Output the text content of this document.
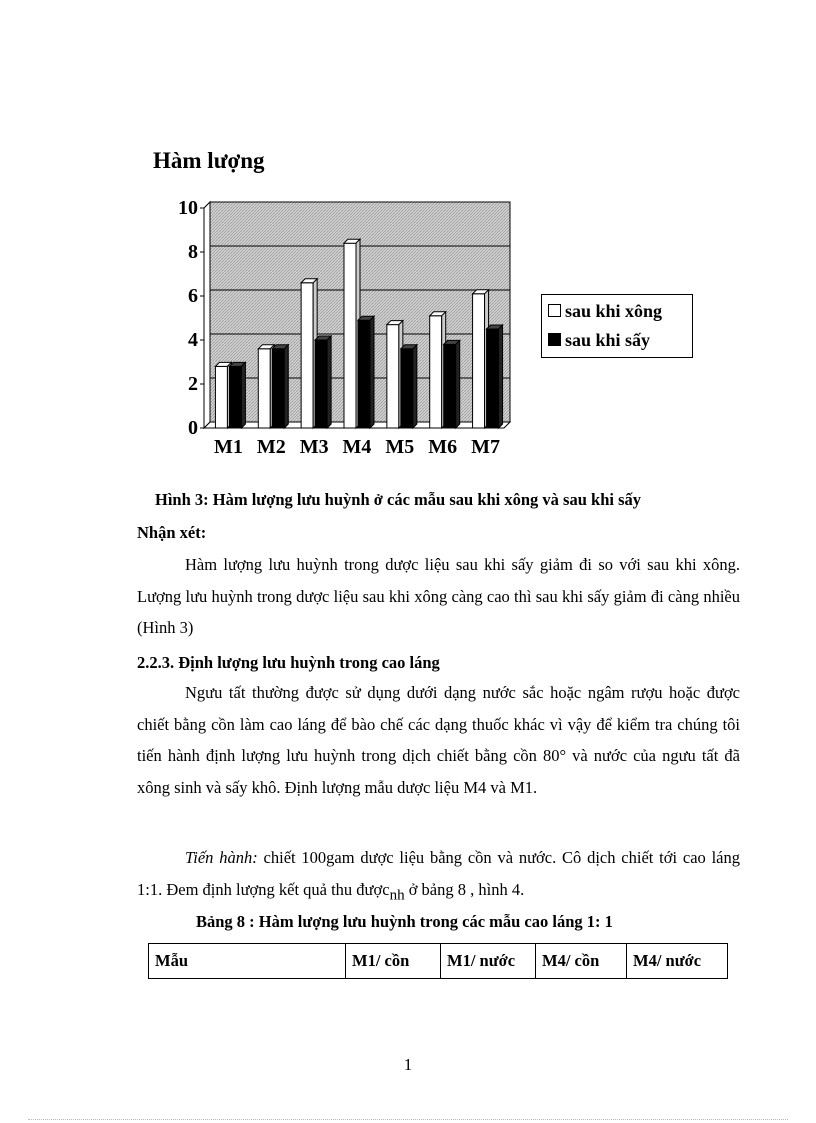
Hàm lượng
0
2
4
6
8
10
M1 M2 M3 M4 M5 M6 M7
sau khi xông
sau khi sấy
Hình 3: Hàm lượng lưu huỳnh ở các mẫu sau khi xông và sau khi sấy
Nhận xét:
Hàm lượng lưu huỳnh trong dược liệu sau khi sấy giảm đi so với sau khi xông. Lượng lưu huỳnh trong dược liệu sau khi xông càng cao thì sau khi sấy giảm đi càng nhiều (Hình 3)
2.2.3. Định lượng lưu huỳnh trong cao láng
Ngưu tất thường được sử dụng dưới dạng nước sắc hoặc ngâm rượu hoặc được chiết bằng cồn làm cao láng để bào chế các dạng thuốc khác vì vậy để kiểm tra chúng tôi tiến hành định lượng lưu huỳnh trong dịch chiết bằng cồn 80° và nước của ngưu tất đã xông sinh và sấy khô. Định lượng mẫu dược liệu M4 và M1.
Tiến hành: chiết 100gam dược liệu bằng cồn và nước. Cô dịch chiết tới cao láng 1:1. Đem định lượng kết quả thu được$_{nh}$ ở bảng 8 , hình 4.
Bảng 8 : Hàm lượng lưu huỳnh trong các mẫu cao láng 1: 1
Mẫu	M1/ cồn	M1/ nước	M4/ cồn	M4/ nước
1
